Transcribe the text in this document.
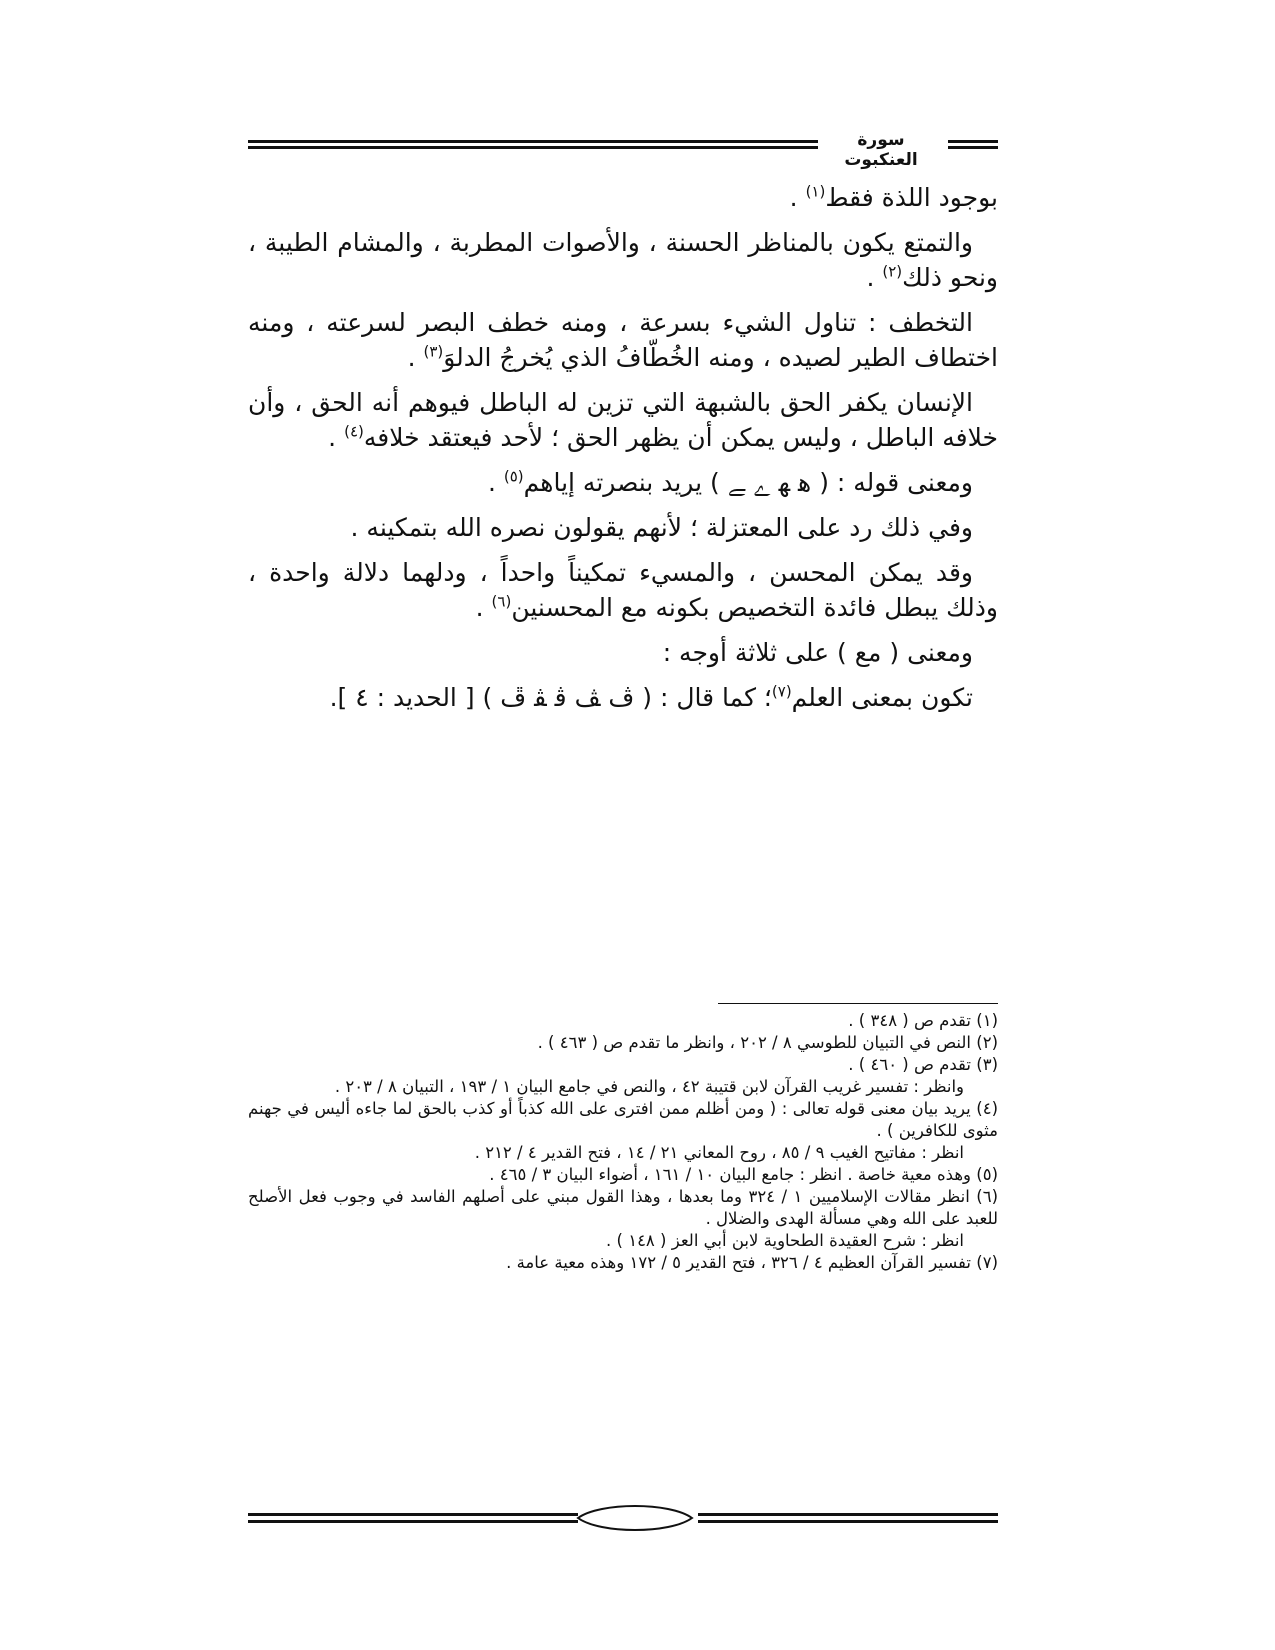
سورة العنكبوت

بوجود اللذة فقط$^{(١)}$ .

والتمتع يكون بالمناظر الحسنة ، والأصوات المطربة ، والمشام الطيبة ، ونحو ذلك$^{(٢)}$ .

التخطف : تناول الشيء بسرعة ، ومنه خطف البصر لسرعته ، ومنه اختطاف الطير لصيده ، ومنه الخُطّافُ الذي يُخرجُ الدلوَ$^{(٣)}$ .

الإنسان يكفر الحق بالشبهة التي تزين له الباطل فيوهم أنه الحق ، وأن خلافه الباطل ، وليس يمكن أن يظهر الحق ؛ لأحد فيعتقد خلافه$^{(٤)}$ .

ومعنى قوله : ( ﮬ ﮭ ﮮ ﮯ ) يريد بنصرته إياهم$^{(٥)}$ .

وفي ذلك رد على المعتزلة ؛ لأنهم يقولون نصره الله بتمكينه .

وقد يمكن المحسن ، والمسيء تمكيناً واحداً ، ودلهما دلالة واحدة ، وذلك يبطل فائدة التخصيص بكونه مع المحسنين$^{(٦)}$ .

ومعنى ( مع ) على ثلاثة أوجه :

تكون بمعنى العلم$^{(٧)}$؛ كما قال : ( ﭪ ﭫ ﭬ ﭭ ﭮ ) [ الحديد : ٤ ].

(١) تقدم ص ( ٣٤٨ ) .

(٢) النص في التبيان للطوسي ٨ / ٢٠٢ ، وانظر ما تقدم ص ( ٤٦٣ ) .

(٣) تقدم ص ( ٤٦٠ ) .

وانظر : تفسير غريب القرآن لابن قتيبة ٤٢ ، والنص في جامع البيان ١ / ١٩٣ ، التبيان ٨ / ٢٠٣ .

(٤) يريد بيان معنى قوله تعالى : ( ومن أظلم ممن افترى على الله كذباً أو كذب بالحق لما جاءه أليس في جهنم مثوى للكافرين ) .

انظر : مفاتيح الغيب ٩ / ٨٥ ، روح المعاني ٢١ / ١٤ ، فتح القدير ٤ / ٢١٢ .

(٥) وهذه معية خاصة . انظر : جامع البيان ١٠ / ١٦١ ، أضواء البيان ٣ / ٤٦٥ .

(٦) انظر مقالات الإسلاميين ١ / ٣٢٤ وما بعدها ، وهذا القول مبني على أصلهم الفاسد في وجوب فعل الأصلح للعبد على الله وهي مسألة الهدى والضلال .

انظر : شرح العقيدة الطحاوية لابن أبي العز ( ١٤٨ ) .

(٧) تفسير القرآن العظيم ٤ / ٣٢٦ ، فتح القدير ٥ / ١٧٢ وهذه معية عامة .
